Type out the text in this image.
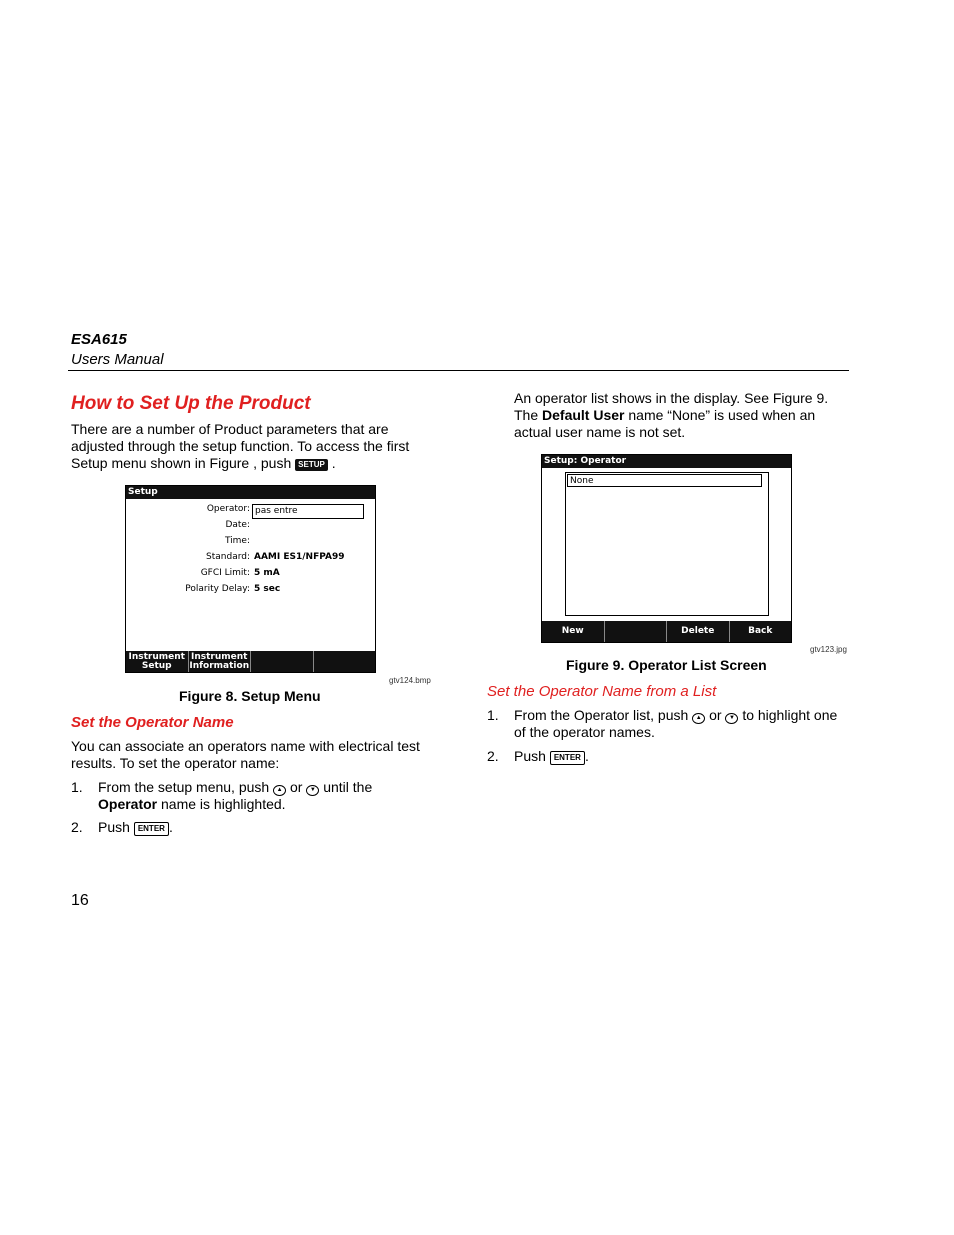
ESA615
Users Manual
How to Set Up the Product
There are a number of Product parameters that are
adjusted through the setup function. To access the first
Setup menu shown in Figure , push SETUP .
Setup
Operator: pas entre
Date:
Time:
Standard: AAMI ES1/NFPA99
GFCI Limit: 5 mA
Polarity Delay: 5 sec
Instrument Setup
Instrument Information
gtv124.bmp
Figure 8. Setup Menu
Set the Operator Name
You can associate an operators name with electrical test
results. To set the operator name:
1. From the setup menu, push ▲ or ▼ until the
Operator name is highlighted.
2. Push ENTER .
An operator list shows in the display. See Figure 9.
The Default User name “None” is used when an
actual user name is not set.
Setup: Operator
None
New	Delete	Back
gtv123.jpg
Figure 9. Operator List Screen
Set the Operator Name from a List
1. From the Operator list, push ▲ or ▼ to highlight one
of the operator names.
2. Push ENTER .
16
